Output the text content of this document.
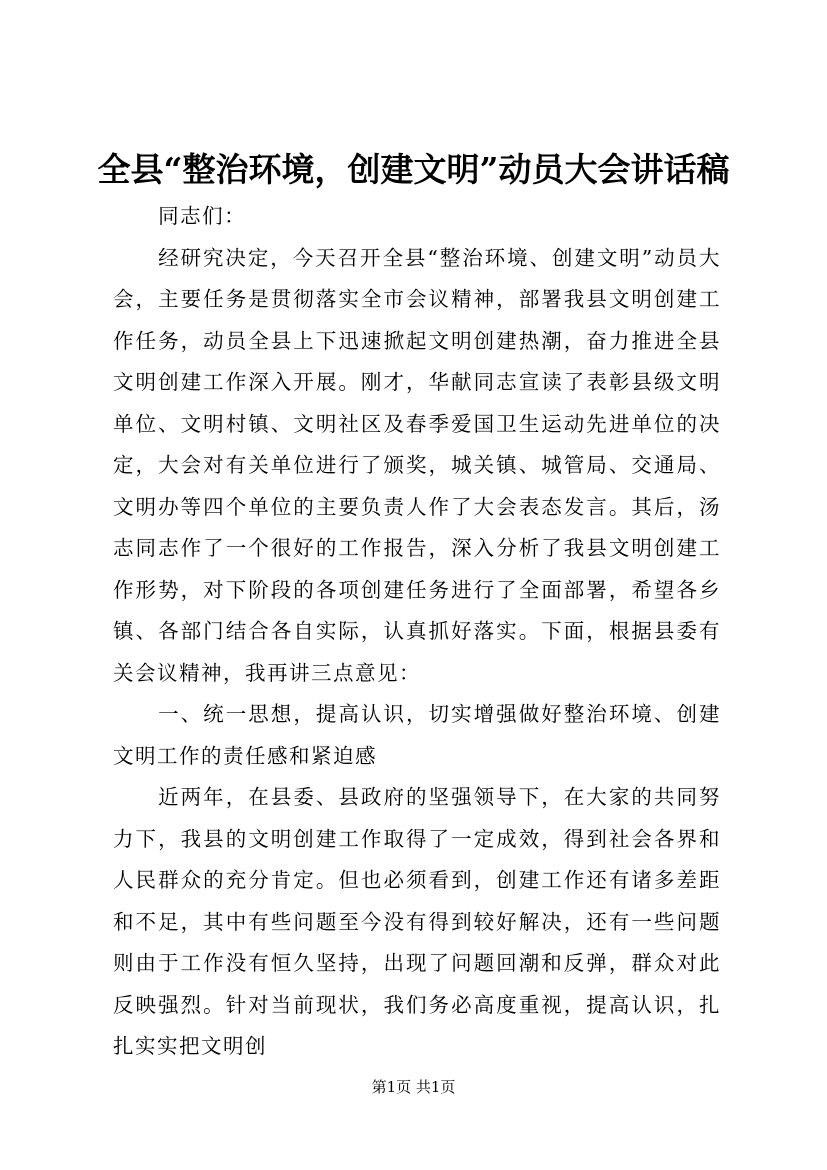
全县“整治环境，创建文明”动员大会讲话稿

同志们：

经研究决定，今天召开全县“整治环境、创建文明”动员大会，主要任务是贯彻落实全市会议精神，部署我县文明创建工作任务，动员全县上下迅速掀起文明创建热潮，奋力推进全县文明创建工作深入开展。刚才，华献同志宣读了表彰县级文明单位、文明村镇、文明社区及春季爱国卫生运动先进单位的决定，大会对有关单位进行了颁奖，城关镇、城管局、交通局、文明办等四个单位的主要负责人作了大会表态发言。其后，汤志同志作了一个很好的工作报告，深入分析了我县文明创建工作形势，对下阶段的各项创建任务进行了全面部署，希望各乡镇、各部门结合各自实际，认真抓好落实。下面，根据县委有关会议精神，我再讲三点意见：

一、统一思想，提高认识，切实增强做好整治环境、创建文明工作的责任感和紧迫感

近两年，在县委、县政府的坚强领导下，在大家的共同努力下，我县的文明创建工作取得了一定成效，得到社会各界和人民群众的充分肯定。但也必须看到，创建工作还有诸多差距和不足，其中有些问题至今没有得到较好解决，还有一些问题则由于工作没有恒久坚持，出现了问题回潮和反弹，群众对此反映强烈。针对当前现状，我们务必高度重视，提高认识，扎扎实实把文明创

第1页 共1页
